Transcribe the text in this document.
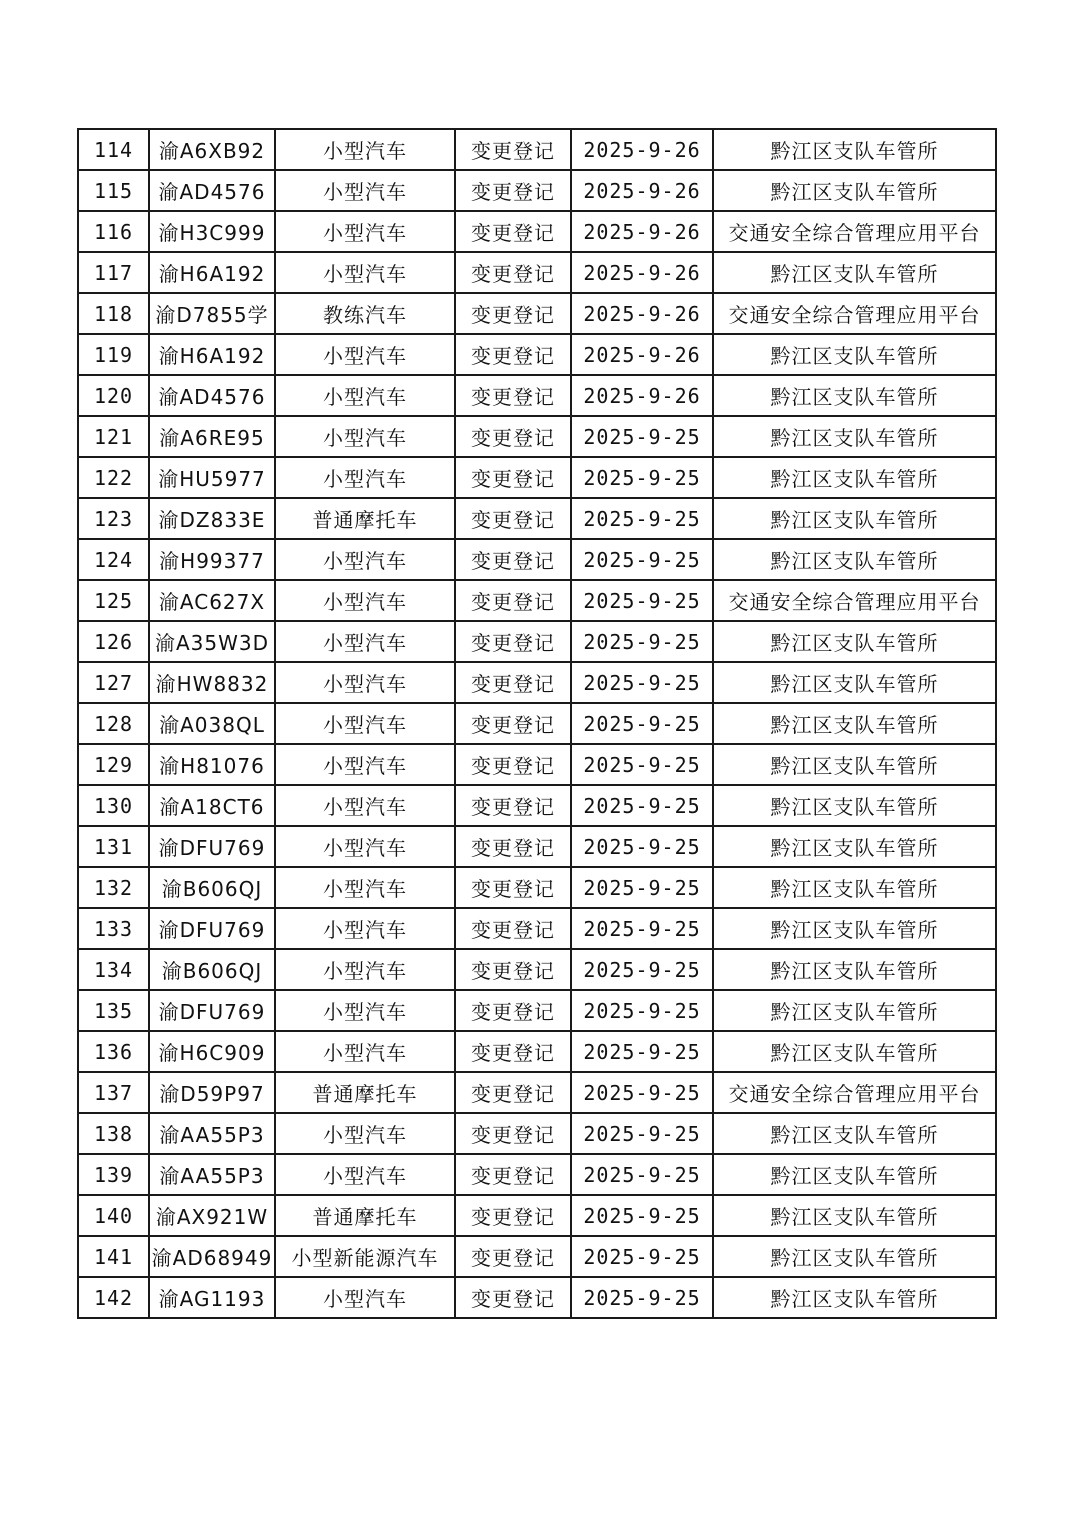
114	渝A6XB92	小型汽车	变更登记	2025-9-26	黔江区支队车管所
115	渝AD4576	小型汽车	变更登记	2025-9-26	黔江区支队车管所
116	渝H3C999	小型汽车	变更登记	2025-9-26	交通安全综合管理应用平台
117	渝H6A192	小型汽车	变更登记	2025-9-26	黔江区支队车管所
118	渝D7855学	教练汽车	变更登记	2025-9-26	交通安全综合管理应用平台
119	渝H6A192	小型汽车	变更登记	2025-9-26	黔江区支队车管所
120	渝AD4576	小型汽车	变更登记	2025-9-26	黔江区支队车管所
121	渝A6RE95	小型汽车	变更登记	2025-9-25	黔江区支队车管所
122	渝HU5977	小型汽车	变更登记	2025-9-25	黔江区支队车管所
123	渝DZ833E	普通摩托车	变更登记	2025-9-25	黔江区支队车管所
124	渝H99377	小型汽车	变更登记	2025-9-25	黔江区支队车管所
125	渝AC627X	小型汽车	变更登记	2025-9-25	交通安全综合管理应用平台
126	渝A35W3D	小型汽车	变更登记	2025-9-25	黔江区支队车管所
127	渝HW8832	小型汽车	变更登记	2025-9-25	黔江区支队车管所
128	渝A038QL	小型汽车	变更登记	2025-9-25	黔江区支队车管所
129	渝H81076	小型汽车	变更登记	2025-9-25	黔江区支队车管所
130	渝A18CT6	小型汽车	变更登记	2025-9-25	黔江区支队车管所
131	渝DFU769	小型汽车	变更登记	2025-9-25	黔江区支队车管所
132	渝B606QJ	小型汽车	变更登记	2025-9-25	黔江区支队车管所
133	渝DFU769	小型汽车	变更登记	2025-9-25	黔江区支队车管所
134	渝B606QJ	小型汽车	变更登记	2025-9-25	黔江区支队车管所
135	渝DFU769	小型汽车	变更登记	2025-9-25	黔江区支队车管所
136	渝H6C909	小型汽车	变更登记	2025-9-25	黔江区支队车管所
137	渝D59P97	普通摩托车	变更登记	2025-9-25	交通安全综合管理应用平台
138	渝AA55P3	小型汽车	变更登记	2025-9-25	黔江区支队车管所
139	渝AA55P3	小型汽车	变更登记	2025-9-25	黔江区支队车管所
140	渝AX921W	普通摩托车	变更登记	2025-9-25	黔江区支队车管所
141	渝AD68949	小型新能源汽车	变更登记	2025-9-25	黔江区支队车管所
142	渝AG1193	小型汽车	变更登记	2025-9-25	黔江区支队车管所
